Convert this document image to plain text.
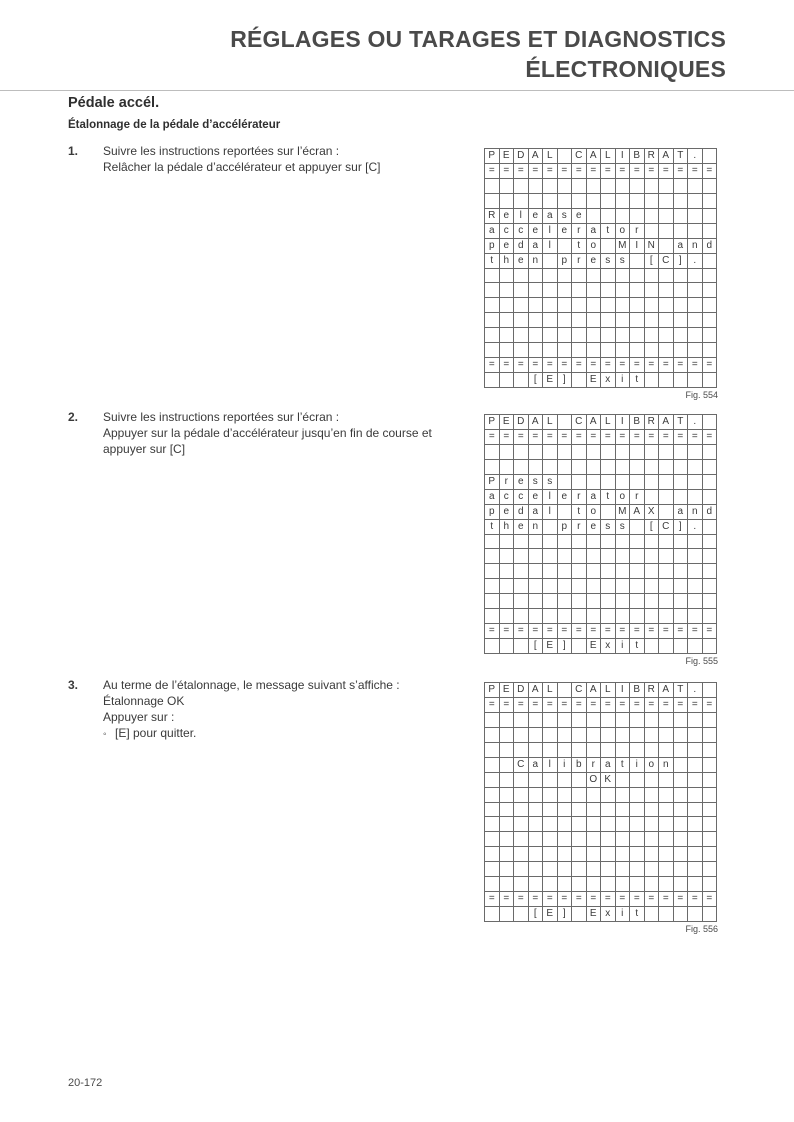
RÉGLAGES OU TARAGES ET DIAGNOSTICS
ÉLECTRONIQUES
Pédale accél.
Étalonnage de la pédale d’accélérateur
1. Suivre les instructions reportées sur l’écran :
Relâcher la pédale d’accélérateur et appuyer sur [C]
2. Suivre les instructions reportées sur l’écran :
Appuyer sur la pédale d’accélérateur jusqu’en fin de course et appuyer sur [C]
3. Au terme de l’étalonnage, le message suivant s’affiche :
Étalonnage OK
Appuyer sur :
◦ [E] pour quitter.
P E D A L	C A L	I B R A T	.
= = = = = = = = = = = = = = = =
R e	l	e a s e
a c c e	l	e	r	a	t	o	r
p e d a	l	t	o	M I N	a n d
t	h e n	p	r	e s s	[ C ]	.
= = = = = = = = = = = = = = = =
[ E ]	E x	i	t
Fig. 554
P E D A L	C A L	I B R A T	.
= = = = = = = = = = = = = = = =
P r	e s s
a c c e	l	e	r	a	t	o	r
p e d a	l	t	o	M A X	a n d
t	h e n	p	r	e s s	[ C ]	.
= = = = = = = = = = = = = = = =
[ E ]	E x	i	t
Fig. 555
P E D A L	C A L	I B R A T	.
= = = = = = = = = = = = = = = =
C a	l	i	b	r	a	t	i	o n
O K
= = = = = = = = = = = = = = = =
[ E ]	E x	i	t
Fig. 556
20-172
